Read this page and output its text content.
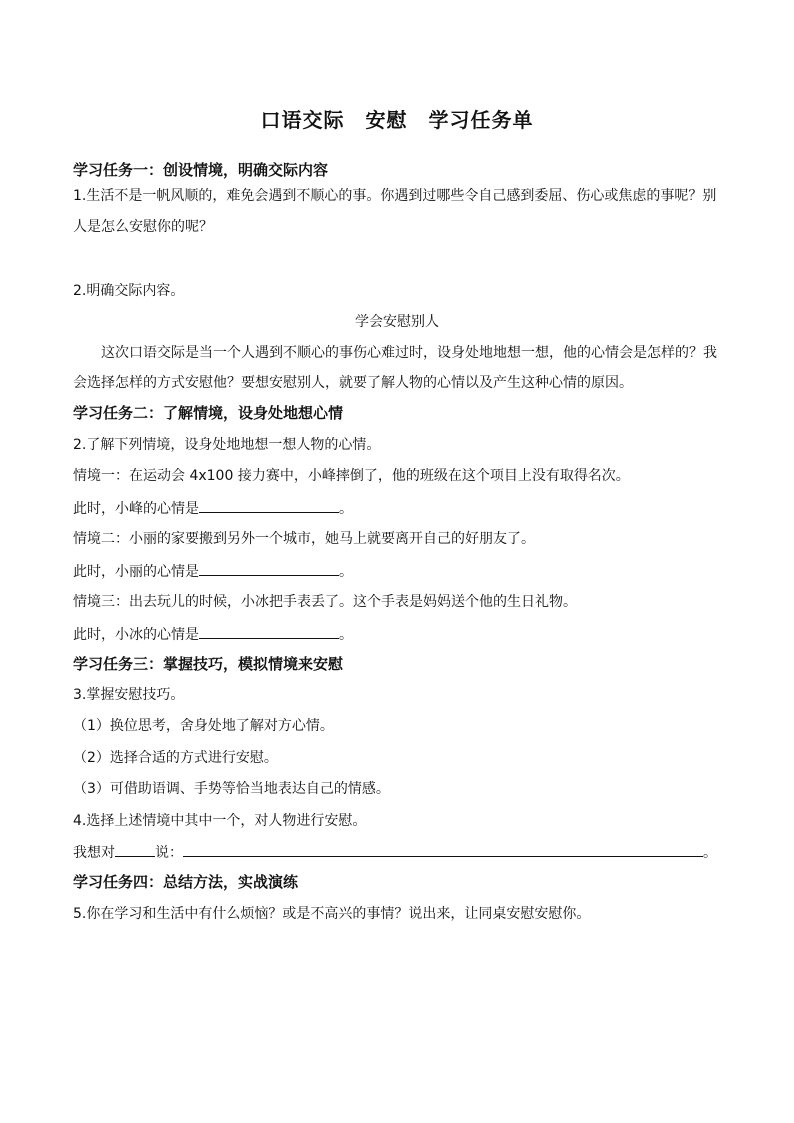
口语交际　安慰　学习任务单
学习任务一：创设情境，明确交际内容
1.生活不是一帆风顺的，难免会遇到不顺心的事。你遇到过哪些令自己感到委屈、伤心或焦虑的事呢？别
人是怎么安慰你的呢？
2.明确交际内容。
学会安慰别人
这次口语交际是当一个人遇到不顺心的事伤心难过时，设身处地地想一想，他的心情会是怎样的？我
会选择怎样的方式安慰他？要想安慰别人，就要了解人物的心情以及产生这种心情的原因。
学习任务二：了解情境，设身处地想心情
2.了解下列情境，设身处地地想一想人物的心情。
情境一：在运动会 4x100 接力赛中，小峰摔倒了，他的班级在这个项目上没有取得名次。
此时，小峰的心情是	。
情境二：小丽的家要搬到另外一个城市，她马上就要离开自己的好朋友了。
此时，小丽的心情是	。
情境三：出去玩儿的时候，小冰把手表丢了。这个手表是妈妈送个他的生日礼物。
此时，小冰的心情是	。
学习任务三：掌握技巧，模拟情境来安慰
3.掌握安慰技巧。
（1）换位思考，舍身处地了解对方心情。
（2）选择合适的方式进行安慰。
（3）可借助语调、手势等恰当地表达自己的情感。
4.选择上述情境中其中一个，对人物进行安慰。
我想对	说：	。
学习任务四：总结方法，实战演练
5.你在学习和生活中有什么烦恼？或是不高兴的事情？说出来，让同桌安慰安慰你。
